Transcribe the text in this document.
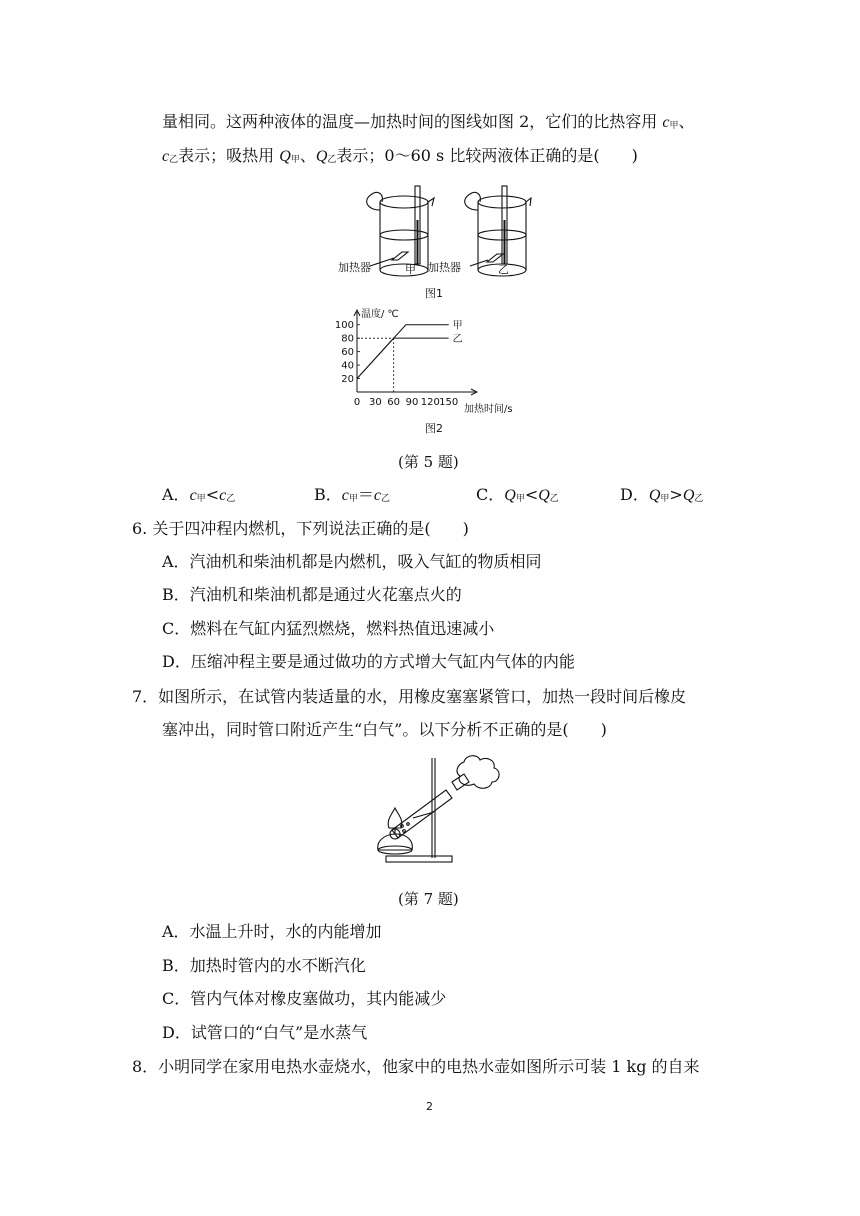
量相同。这两种液体的温度—加热时间的图线如图 2，它们的比热容用 c甲、
c乙表示；吸热用 Q甲、Q乙表示；0～60 s 比较两液体正确的是(　　)
加热器	甲 加热器	乙
图1
甲
乙
20
40
60
80
100
0 30 60 90 120 150
温度/ ℃
加热时间/s
图2
(第 5 题)
A．c甲<c乙	B．c甲＝c乙	C．Q甲<Q乙	D．Q甲>Q乙
6. 关于四冲程内燃机，下列说法正确的是(　　)
A．汽油机和柴油机都是内燃机，吸入气缸的物质相同
B．汽油机和柴油机都是通过火花塞点火的
C．燃料在气缸内猛烈燃烧，燃料热值迅速减小
D．压缩冲程主要是通过做功的方式增大气缸内气体的内能
7．如图所示，在试管内装适量的水，用橡皮塞塞紧管口，加热一段时间后橡皮
塞冲出，同时管口附近产生“白气”。以下分析不正确的是(　　)
(第 7 题)
A．水温上升时，水的内能增加
B．加热时管内的水不断汽化
C．管内气体对橡皮塞做功，其内能减少
D．试管口的“白气”是水蒸气
8．小明同学在家用电热水壶烧水，他家中的电热水壶如图所示可装 1 kg 的自来
2
